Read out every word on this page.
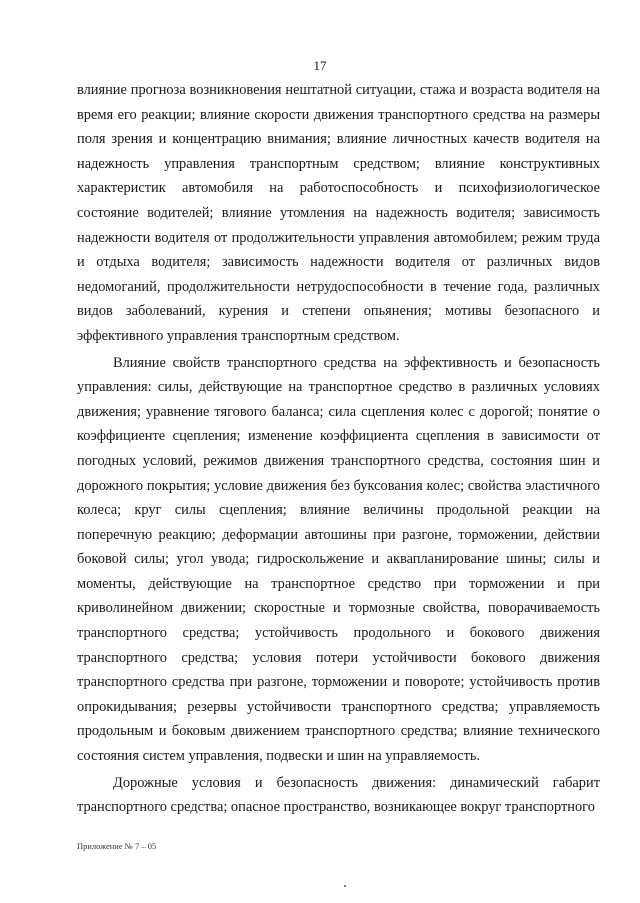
17

влияние прогноза возникновения нештатной ситуации, стажа и возраста водителя на время его реакции; влияние скорости движения транспортного средства на размеры поля зрения и концентрацию внимания; влияние личностных качеств водителя на надежность управления транспортным средством; влияние конструктивных характеристик автомобиля на работоспособность и психофизиологическое состояние водителей; влияние утомления на надежность водителя; зависимость надежности водителя от продолжительности управления автомобилем; режим труда и отдыха водителя; зависимость надежности водителя от различных видов недомоганий, продолжительности нетрудоспособности в течение года, различных видов заболеваний, курения и степени опьянения; мотивы безопасного и эффективного управления транспортным средством.

Влияние свойств транспортного средства на эффективность и безопасность управления: силы, действующие на транспортное средство в различных условиях движения; уравнение тягового баланса; сила сцепления колес с дорогой; понятие о коэффициенте сцепления; изменение коэффициента сцепления в зависимости от погодных условий, режимов движения транспортного средства, состояния шин и дорожного покрытия; условие движения без буксования колес; свойства эластичного колеса; круг силы сцепления; влияние величины продольной реакции на поперечную реакцию; деформации автошины при разгоне, торможении, действии боковой силы; угол увода; гидроскольжение и аквапланирование шины; силы и моменты, действующие на транспортное средство при торможении и при криволинейном движении; скоростные и тормозные свойства, поворачиваемость транспортного средства; устойчивость продольного и бокового движения транспортного средства; условия потери устойчивости бокового движения транспортного средства при разгоне, торможении и повороте; устойчивость против опрокидывания; резервы устойчивости транспортного средства; управляемость продольным и боковым движением транспортного средства; влияние технического состояния систем управления, подвески и шин на управляемость.

Дорожные условия и безопасность движения: динамический габарит транспортного средства; опасное пространство, возникающее вокруг транспортного

Приложение № 7 – 05
